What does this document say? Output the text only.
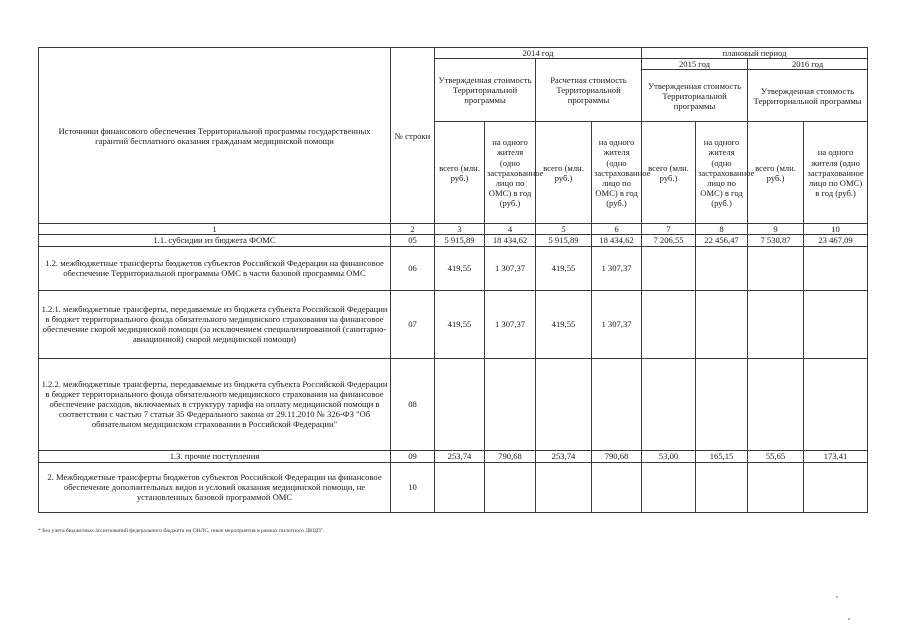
Источники финансового обеспечения Территориальной программы государственных гарантий бесплатного оказания гражданам медицинской помощи	№ строки	2014 год				плановый период			
		Утвержденная стоимость Территориальной программы		Расчетная стоимость Территориальной программы		2015 год		2016 год	
						Утвержденная стоимость Территориальной программы		Утвержденная стоимость Территориальной программы	
		всего (млн. руб.)	на одного жителя (одно застрахованное лицо по ОМС) в год (руб.)	всего (млн. руб.)	на одного жителя (одно застрахованное лицо по ОМС) в год (руб.)	всего (млн. руб.)	на одного жителя (одно застрахованное лицо по ОМС) в год (руб.)	всего (млн. руб.)	на одного жителя (одно застрахованное лицо по ОМС) в год (руб.)
1	2	3	4	5	6	7	8	9	10
1.1. субсидии из бюджета ФОМС	05	5 915,89	18 434,62	5 915,89	18 434,62	7 206,55	22 456,47	7 530,87	23 467,09
1.2. межбюджетные трансферты бюджетов субъектов Российской Федерации на финансовое обеспечение Территориальной программы ОМС в части базовой программы ОМС	06	419,55	1 307,37	419,55	1 307,37				
1.2.1. межбюджетные трансферты, передаваемые из бюджета субъекта Российской Федерации в бюджет территориального фонда обязательного медицинского страхования на финансовое обеспечение скорой медицинской помощи (за исключением специализированной (санитарно-авиационной) скорой медицинской помощи)	07	419,55	1 307,37	419,55	1 307,37				
1.2.2. межбюджетные трансферты, передаваемые из бюджета субъекта Российской Федерации в бюджет территориального фонда обязательного медицинского страхования на финансовое обеспечение расходов, включаемых в структуру тарифа на оплату медицинской помощи в соответствии с частью 7 статьи 35 Федерального закона от 29.11.2010 № 326-ФЗ "Об обязательном медицинском страховании в Российской Федерации"	08								
1.3. прочие поступления	09	253,74	790,68	253,74	790,68	53,00	165,15	55,65	173,41
2. Межбюджетные трансферты бюджетов субъектов Российской Федерации на финансовое обеспечение дополнительных видов и условий оказания медицинской помощи, не установленных базовой программой ОМС	10								
* Без учета бюджетных ассигнований федерального бюджета на ОНЛС, иные мероприятия в рамках пилотного ДКЦП".
